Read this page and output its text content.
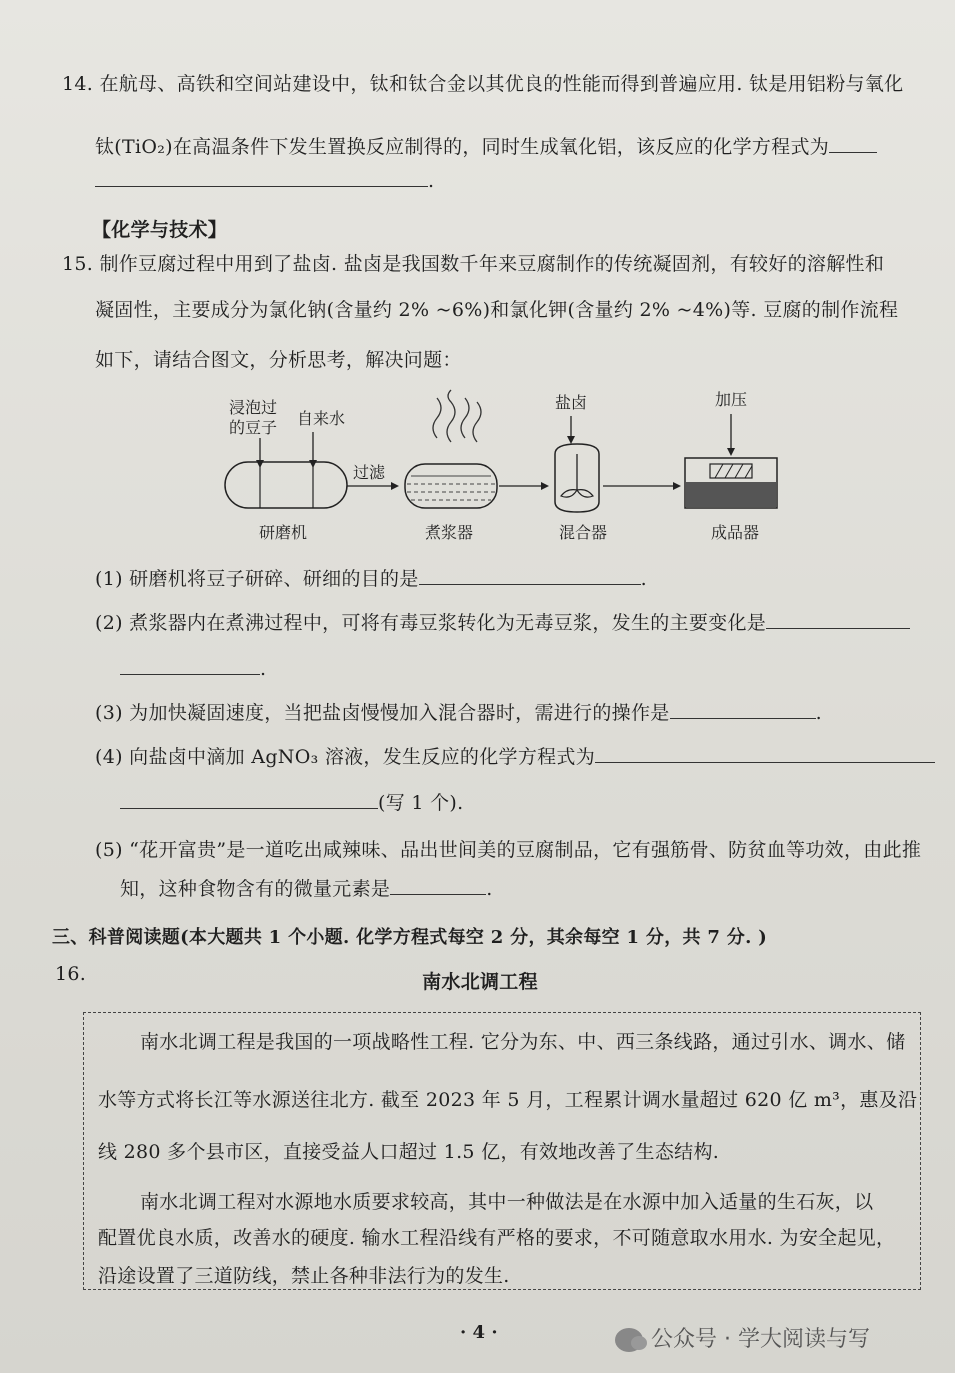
14. 在航母、高铁和空间站建设中，钛和钛合金以其优良的性能而得到普遍应用. 钛是用铝粉与氧化
钛(TiO₂)在高温条件下发生置换反应制得的，同时生成氧化铝，该反应的化学方程式为
.
【化学与技术】
15. 制作豆腐过程中用到了盐卤. 盐卤是我国数千年来豆腐制作的传统凝固剂，有较好的溶解性和
凝固性，主要成分为氯化钠(含量约 2% ~6%)和氯化钾(含量约 2% ~4%)等. 豆腐的制作流程
如下，请结合图文，分析思考，解决问题：
浸泡过
的豆子 自来水
研磨机
过滤
煮浆器
盐卤
混合器
加压
成品器
(1) 研磨机将豆子研碎、研细的目的是	.
(2) 煮浆器内在煮沸过程中，可将有毒豆浆转化为无毒豆浆，发生的主要变化是
.
(3) 为加快凝固速度，当把盐卤慢慢加入混合器时，需进行的操作是	.
(4) 向盐卤中滴加 AgNO₃ 溶液，发生反应的化学方程式为
(写 1 个).
(5) “花开富贵”是一道吃出咸辣味、品出世间美的豆腐制品，它有强筋骨、防贫血等功效，由此推
知，这种食物含有的微量元素是	.
三、科普阅读题(本大题共 1 个小题. 化学方程式每空 2 分，其余每空 1 分，共 7 分. )
16.	南水北调工程
南水北调工程是我国的一项战略性工程. 它分为东、中、西三条线路，通过引水、调水、储
水等方式将长江等水源送往北方. 截至 2023 年 5 月，工程累计调水量超过 620 亿 m³，惠及沿
线 280 多个县市区，直接受益人口超过 1.5 亿，有效地改善了生态结构.
南水北调工程对水源地水质要求较高，其中一种做法是在水源中加入适量的生石灰，以
配置优良水质，改善水的硬度. 输水工程沿线有严格的要求，不可随意取水用水. 为安全起见，
沿途设置了三道防线，禁止各种非法行为的发生.
· 4 ·	公众号 · 学大阅读与写
